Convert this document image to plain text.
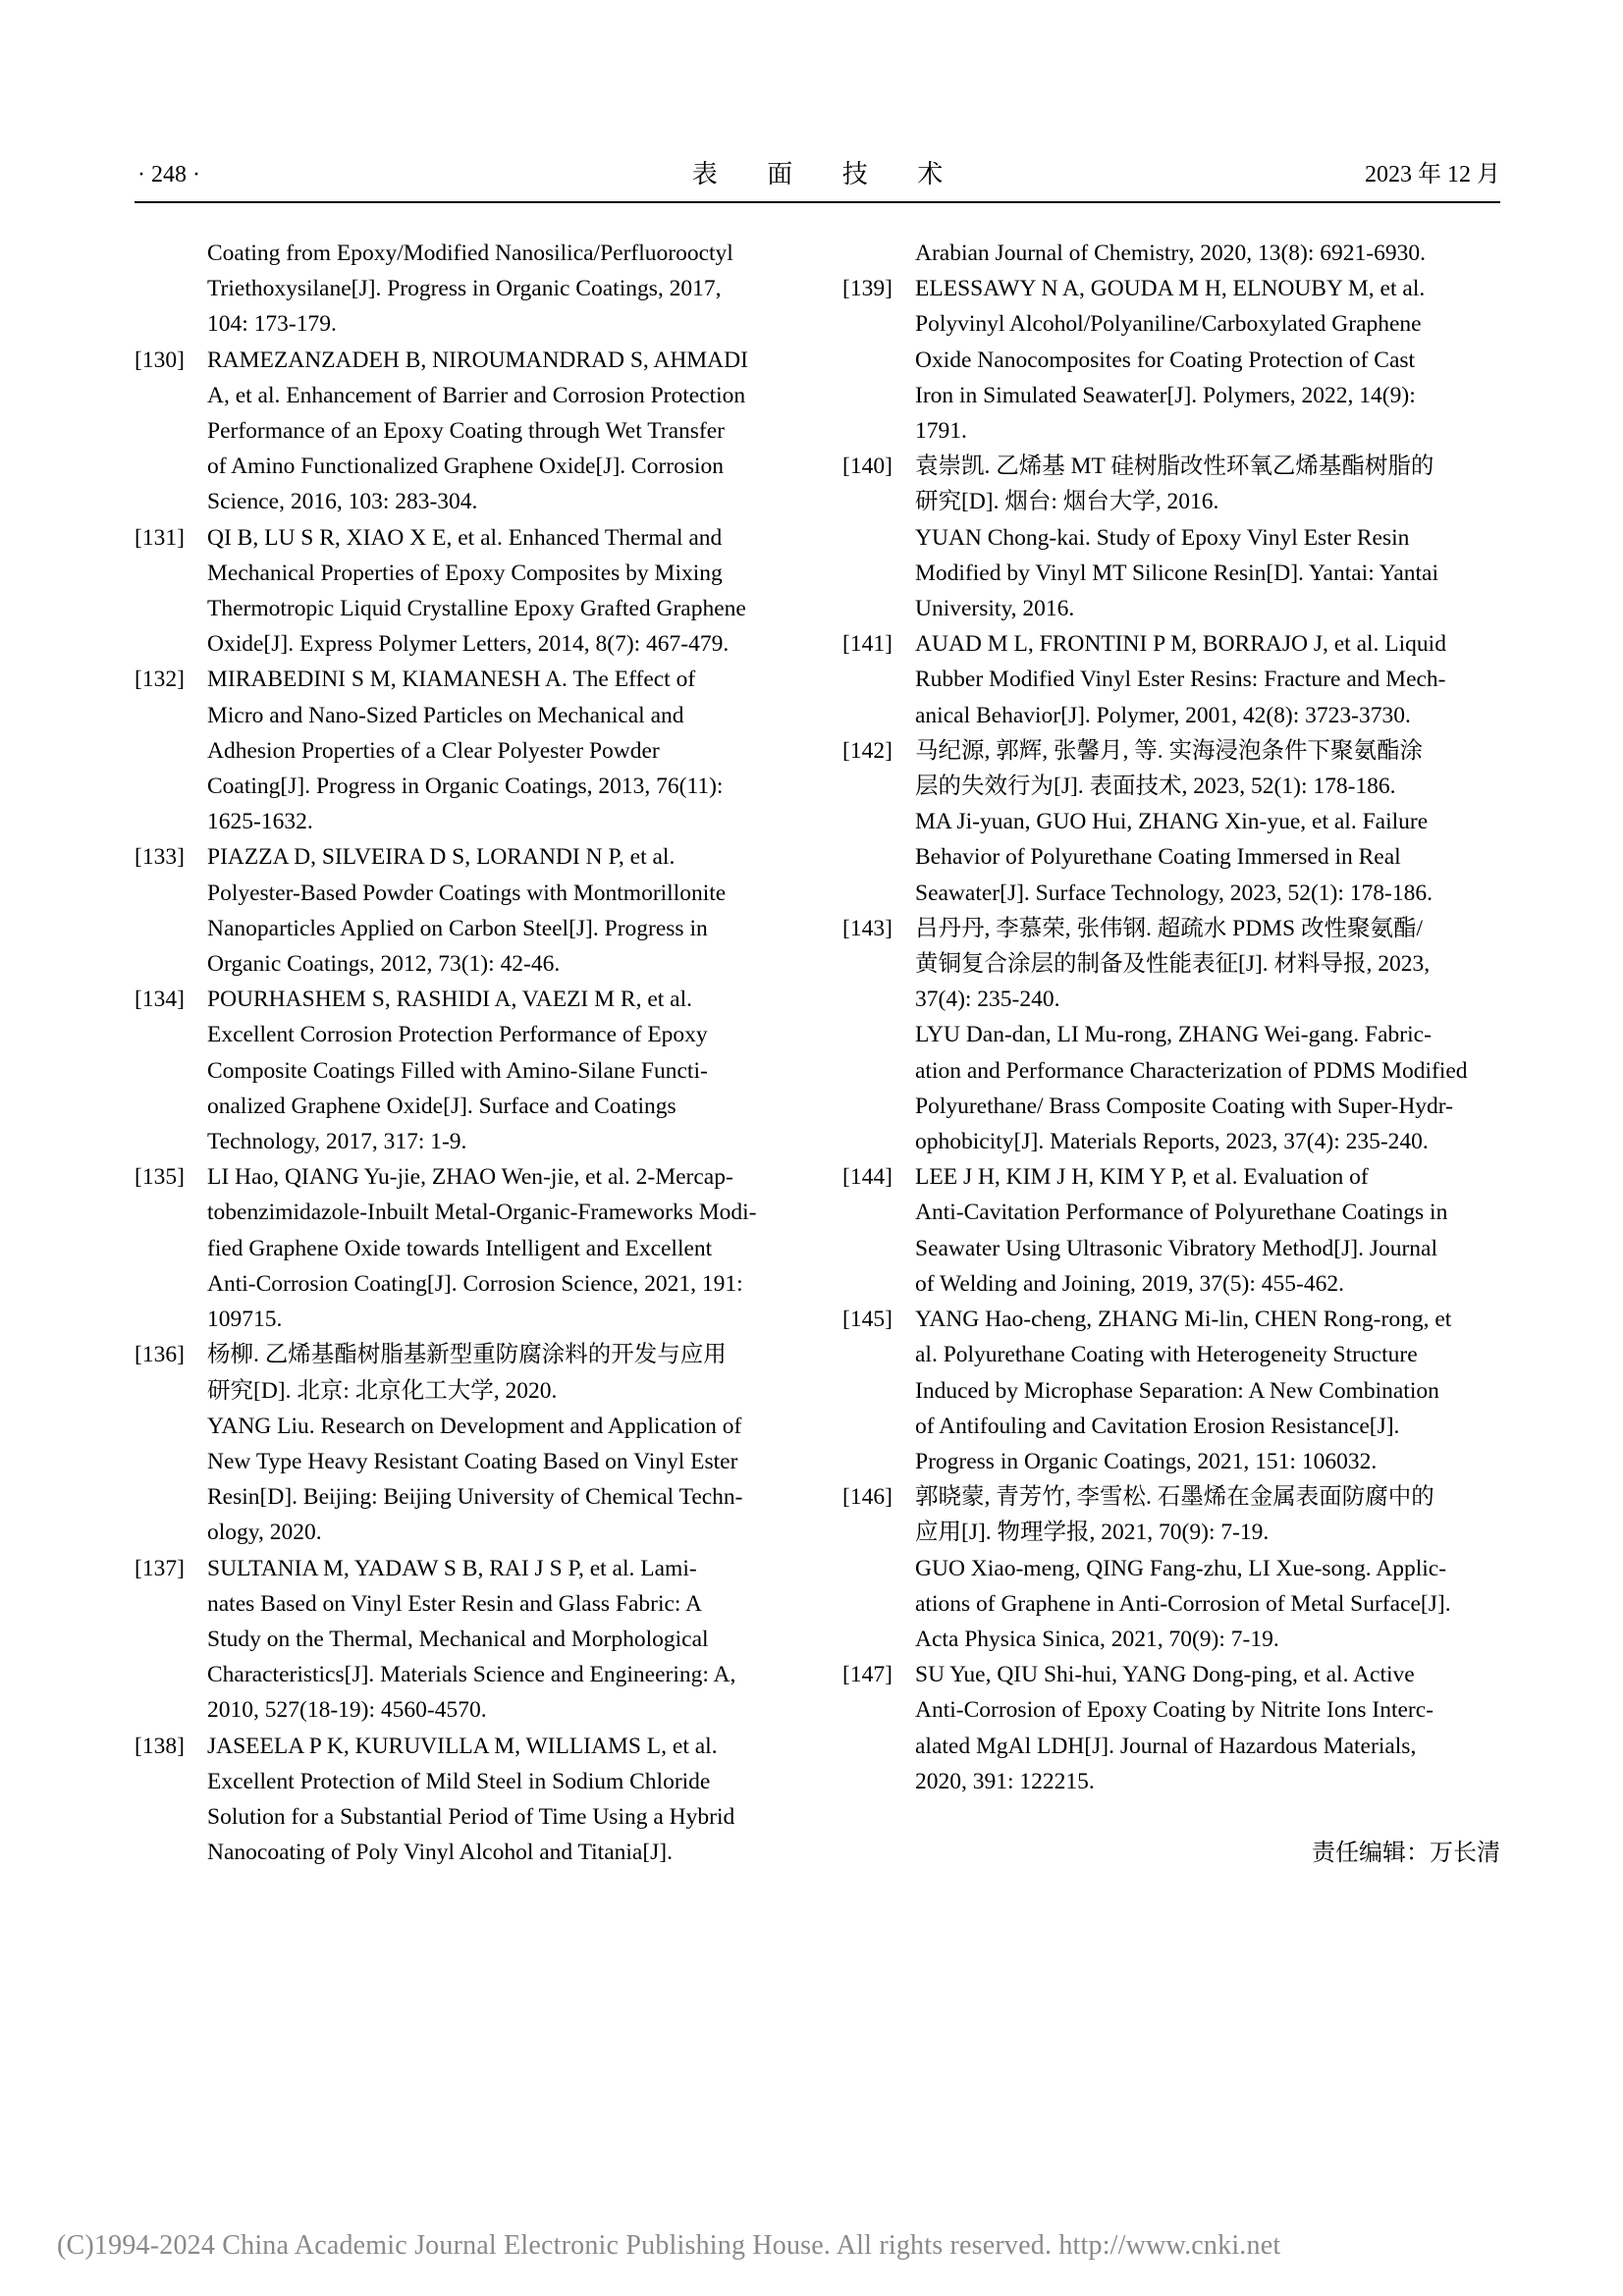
· 248 ·	表 面 技 术	2023 年 12 月
Coating from Epoxy/Modified Nanosilica/Perfluorooctyl
Triethoxysilane[J]. Progress in Organic Coatings, 2017,
104: 173-179.
[130] RAMEZANZADEH B, NIROUMANDRAD S, AHMADI
A, et al. Enhancement of Barrier and Corrosion Protection
Performance of an Epoxy Coating through Wet Transfer
of Amino Functionalized Graphene Oxide[J]. Corrosion
Science, 2016, 103: 283-304.
[131] QI B, LU S R, XIAO X E, et al. Enhanced Thermal and
Mechanical Properties of Epoxy Composites by Mixing
Thermotropic Liquid Crystalline Epoxy Grafted Graphene
Oxide[J]. Express Polymer Letters, 2014, 8(7): 467-479.
[132] MIRABEDINI S M, KIAMANESH A. The Effect of
Micro and Nano-Sized Particles on Mechanical and
Adhesion Properties of a Clear Polyester Powder
Coating[J]. Progress in Organic Coatings, 2013, 76(11):
1625-1632.
[133] PIAZZA D, SILVEIRA D S, LORANDI N P, et al.
Polyester-Based Powder Coatings with Montmorillonite
Nanoparticles Applied on Carbon Steel[J]. Progress in
Organic Coatings, 2012, 73(1): 42-46.
[134] POURHASHEM S, RASHIDI A, VAEZI M R, et al.
Excellent Corrosion Protection Performance of Epoxy
Composite Coatings Filled with Amino-Silane Functi-
onalized Graphene Oxide[J]. Surface and Coatings
Technology, 2017, 317: 1-9.
[135] LI Hao, QIANG Yu-jie, ZHAO Wen-jie, et al. 2-Mercap-
tobenzimidazole-Inbuilt Metal-Organic-Frameworks Modi-
fied Graphene Oxide towards Intelligent and Excellent
Anti-Corrosion Coating[J]. Corrosion Science, 2021, 191:
109715.
[136] 杨柳. 乙烯基酯树脂基新型重防腐涂料的开发与应用
研究[D]. 北京: 北京化工大学, 2020.
YANG Liu. Research on Development and Application of
New Type Heavy Resistant Coating Based on Vinyl Ester
Resin[D]. Beijing: Beijing University of Chemical Techn-
ology, 2020.
[137] SULTANIA M, YADAW S B, RAI J S P, et al. Lami-
nates Based on Vinyl Ester Resin and Glass Fabric: A
Study on the Thermal, Mechanical and Morphological
Characteristics[J]. Materials Science and Engineering: A,
2010, 527(18-19): 4560-4570.
[138] JASEELA P K, KURUVILLA M, WILLIAMS L, et al.
Excellent Protection of Mild Steel in Sodium Chloride
Solution for a Substantial Period of Time Using a Hybrid
Nanocoating of Poly Vinyl Alcohol and Titania[J].
Arabian Journal of Chemistry, 2020, 13(8): 6921-6930.
[139] ELESSAWY N A, GOUDA M H, ELNOUBY M, et al.
Polyvinyl Alcohol/Polyaniline/Carboxylated Graphene
Oxide Nanocomposites for Coating Protection of Cast
Iron in Simulated Seawater[J]. Polymers, 2022, 14(9):
1791.
[140] 袁崇凯. 乙烯基 MT 硅树脂改性环氧乙烯基酯树脂的
研究[D]. 烟台: 烟台大学, 2016.
YUAN Chong-kai. Study of Epoxy Vinyl Ester Resin
Modified by Vinyl MT Silicone Resin[D]. Yantai: Yantai
University, 2016.
[141] AUAD M L, FRONTINI P M, BORRAJO J, et al. Liquid
Rubber Modified Vinyl Ester Resins: Fracture and Mech-
anical Behavior[J]. Polymer, 2001, 42(8): 3723-3730.
[142] 马纪源, 郭辉, 张馨月, 等. 实海浸泡条件下聚氨酯涂
层的失效行为[J]. 表面技术, 2023, 52(1): 178-186.
MA Ji-yuan, GUO Hui, ZHANG Xin-yue, et al. Failure
Behavior of Polyurethane Coating Immersed in Real
Seawater[J]. Surface Technology, 2023, 52(1): 178-186.
[143] 吕丹丹, 李慕荣, 张伟钢. 超疏水 PDMS 改性聚氨酯/
黄铜复合涂层的制备及性能表征[J]. 材料导报, 2023,
37(4): 235-240.
LYU Dan-dan, LI Mu-rong, ZHANG Wei-gang. Fabric-
ation and Performance Characterization of PDMS Modified
Polyurethane/ Brass Composite Coating with Super-Hydr-
ophobicity[J]. Materials Reports, 2023, 37(4): 235-240.
[144] LEE J H, KIM J H, KIM Y P, et al. Evaluation of
Anti-Cavitation Performance of Polyurethane Coatings in
Seawater Using Ultrasonic Vibratory Method[J]. Journal
of Welding and Joining, 2019, 37(5): 455-462.
[145] YANG Hao-cheng, ZHANG Mi-lin, CHEN Rong-rong, et
al. Polyurethane Coating with Heterogeneity Structure
Induced by Microphase Separation: A New Combination
of Antifouling and Cavitation Erosion Resistance[J].
Progress in Organic Coatings, 2021, 151: 106032.
[146] 郭晓蒙, 青芳竹, 李雪松. 石墨烯在金属表面防腐中的
应用[J]. 物理学报, 2021, 70(9): 7-19.
GUO Xiao-meng, QING Fang-zhu, LI Xue-song. Applic-
ations of Graphene in Anti-Corrosion of Metal Surface[J].
Acta Physica Sinica, 2021, 70(9): 7-19.
[147] SU Yue, QIU Shi-hui, YANG Dong-ping, et al. Active
Anti-Corrosion of Epoxy Coating by Nitrite Ions Interc-
alated MgAl LDH[J]. Journal of Hazardous Materials,
2020, 391: 122215.
责任编辑：万长清
(C)1994-2024 China Academic Journal Electronic Publishing House. All rights reserved. http://www.cnki.net
